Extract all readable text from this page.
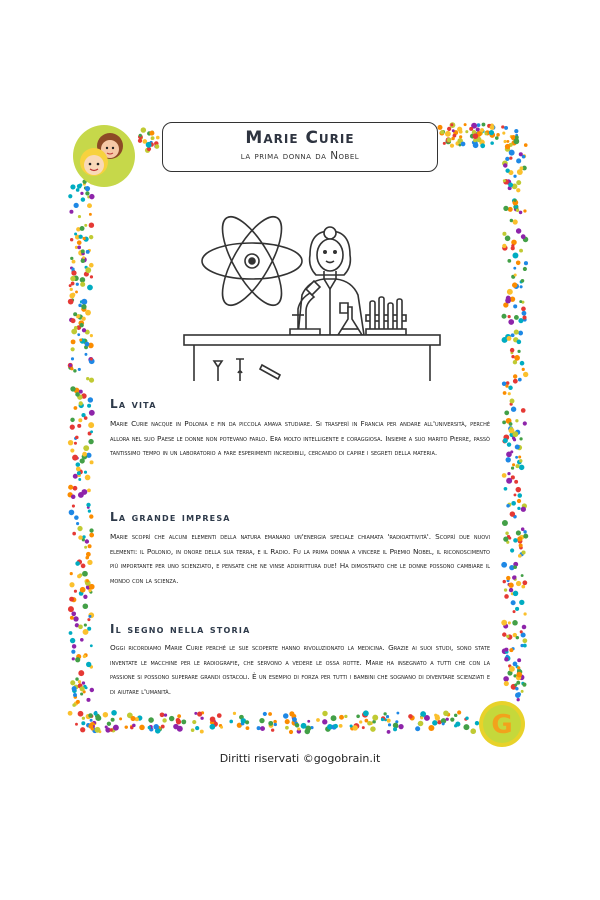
Marie Curie
la prima donna da Nobel
La vita
Marie Curie nacque in Polonia e fin da piccola amava studiare. Si trasferì in Francia per andare all'università, perché allora nel suo Paese le donne non potevano farlo. Era molto intelligente e coraggiosa. Insieme a suo marito Pierre, passò tantissimo tempo in un laboratorio a fare esperimenti incredibili, cercando di capire i segreti della materia.
La grande impresa
Marie scoprì che alcuni elementi della natura emanano un'energia speciale chiamata 'radioattività'. Scoprì due nuovi elementi: il Polonio, in onore della sua terra, e il Radio. Fu la prima donna a vincere il Premio Nobel, il riconoscimento più importante per uno scienziato, e pensate che ne vinse addirittura due! Ha dimostrato che le donne possono cambiare il mondo con la scienza.
Il segno nella storia
Oggi ricordiamo Marie Curie perché le sue scoperte hanno rivoluzionato la medicina. Grazie ai suoi studi, sono state inventate le macchine per le radiografie, che servono a vedere le ossa rotte. Marie ha insegnato a tutti che con la passione si possono superare grandi ostacoli. È un esempio di forza per tutti i bambini che sognano di diventare scienziati e di aiutare l'umanità.
G
Diritti riservati ©gogobrain.it
